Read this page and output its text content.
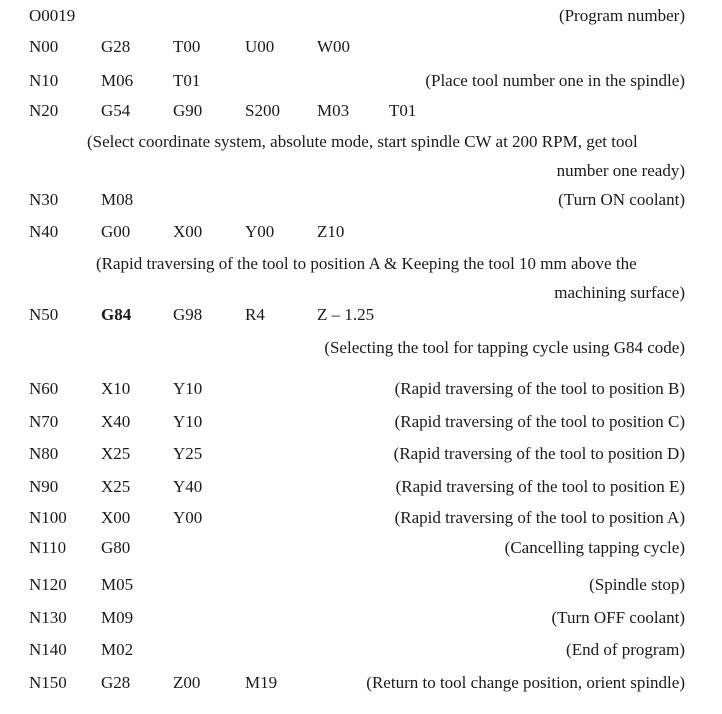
O0019	(Program number)
N00	G28	T00	U00	W00
N10	M06 T01	(Place tool number one in the spindle)
N20	G54	G90	S200 M03 T01
(Select coordinate system, absolute mode, start spindle CW at 200 RPM, get tool
number one ready)
N30	M08	(Turn ON coolant)
N40	G00	X00	Y00	Z10
(Rapid traversing of the tool to position A & Keeping the tool 10 mm above the
machining surface)
N50	G84 G98	R4	Z – 1.25
(Selecting the tool for tapping cycle using G84 code)
N60	X10	Y10	(Rapid traversing of the tool to position B)
N70	X40	Y10	(Rapid traversing of the tool to position C)
N80	X25	Y25	(Rapid traversing of the tool to position D)
N90	X25	Y40	(Rapid traversing of the tool to position E)
N100 X00	Y00	(Rapid traversing of the tool to position A)
N110 G80	(Cancelling tapping cycle)
N120 M05	(Spindle stop)
N130 M09	(Turn OFF coolant)
N140 M02	(End of program)
N150 G28	Z00	M19	(Return to tool change position, orient spindle)
